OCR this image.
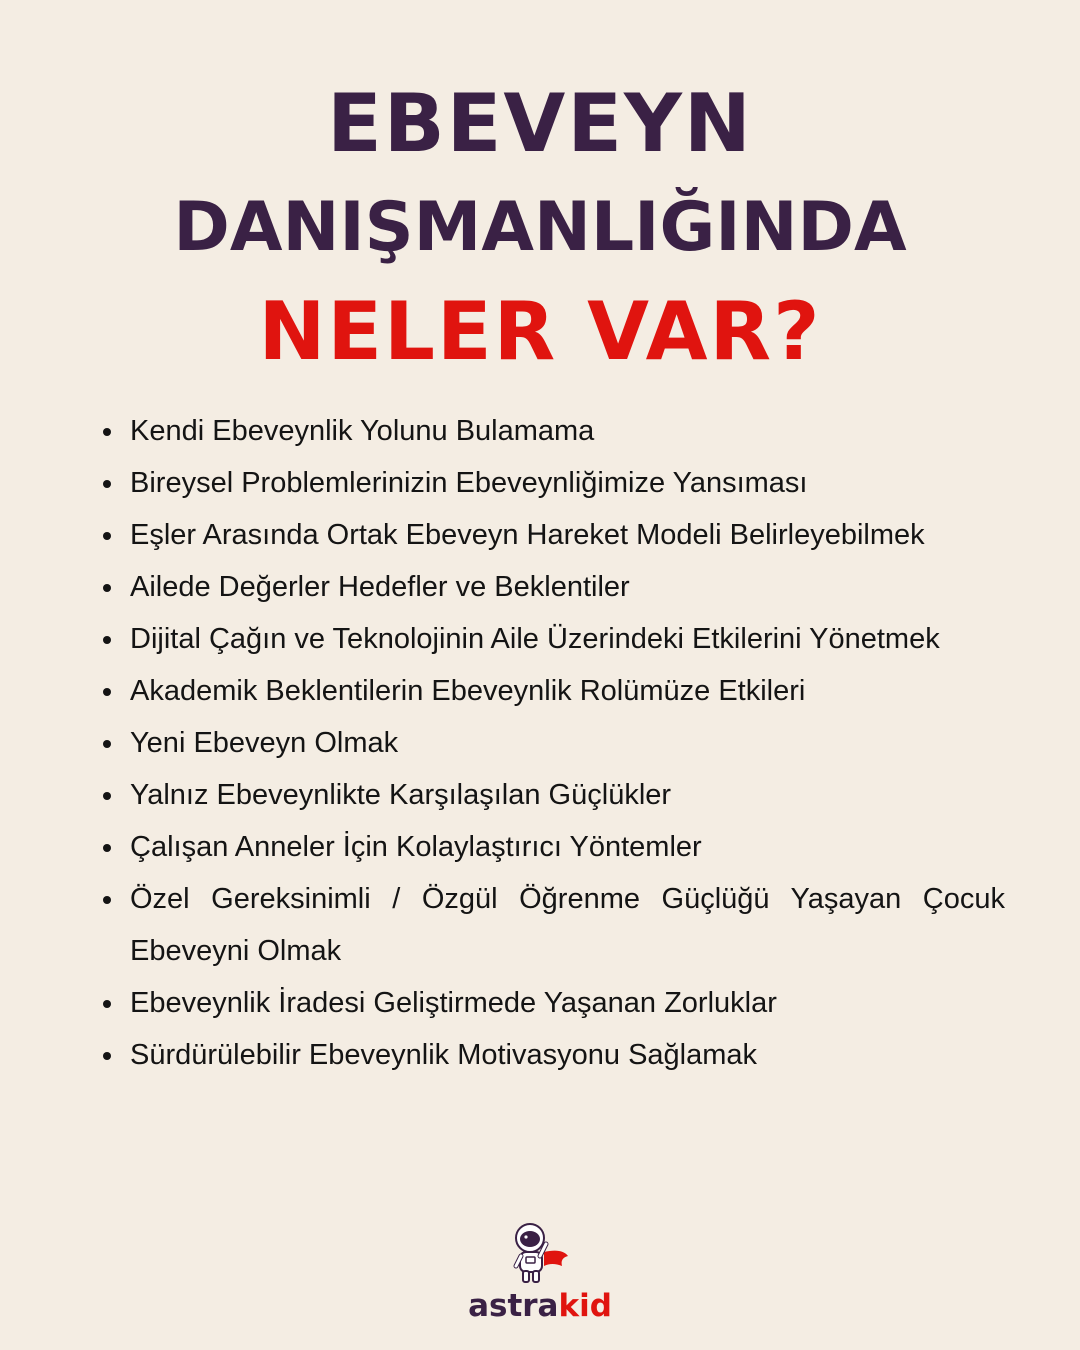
EBEVEYN
DANIŞMANLIĞINDA
NELER VAR?
Kendi Ebeveynlik Yolunu Bulamama
Bireysel Problemlerinizin Ebeveynliğimize Yansıması
Eşler Arasında Ortak Ebeveyn Hareket Modeli Belirleyebilmek
Ailede Değerler Hedefler ve Beklentiler
Dijital Çağın ve Teknolojinin Aile Üzerindeki Etkilerini Yönetmek
Akademik Beklentilerin Ebeveynlik Rolümüze Etkileri
Yeni Ebeveyn Olmak
Yalnız Ebeveynlikte Karşılaşılan Güçlükler
Çalışan Anneler İçin Kolaylaştırıcı Yöntemler
Özel Gereksinimli / Özgül Öğrenme Güçlüğü Yaşayan Çocuk Ebeveyni Olmak
Ebeveynlik İradesi Geliştirmede Yaşanan Zorluklar
Sürdürülebilir Ebeveynlik Motivasyonu Sağlamak
astrakid
